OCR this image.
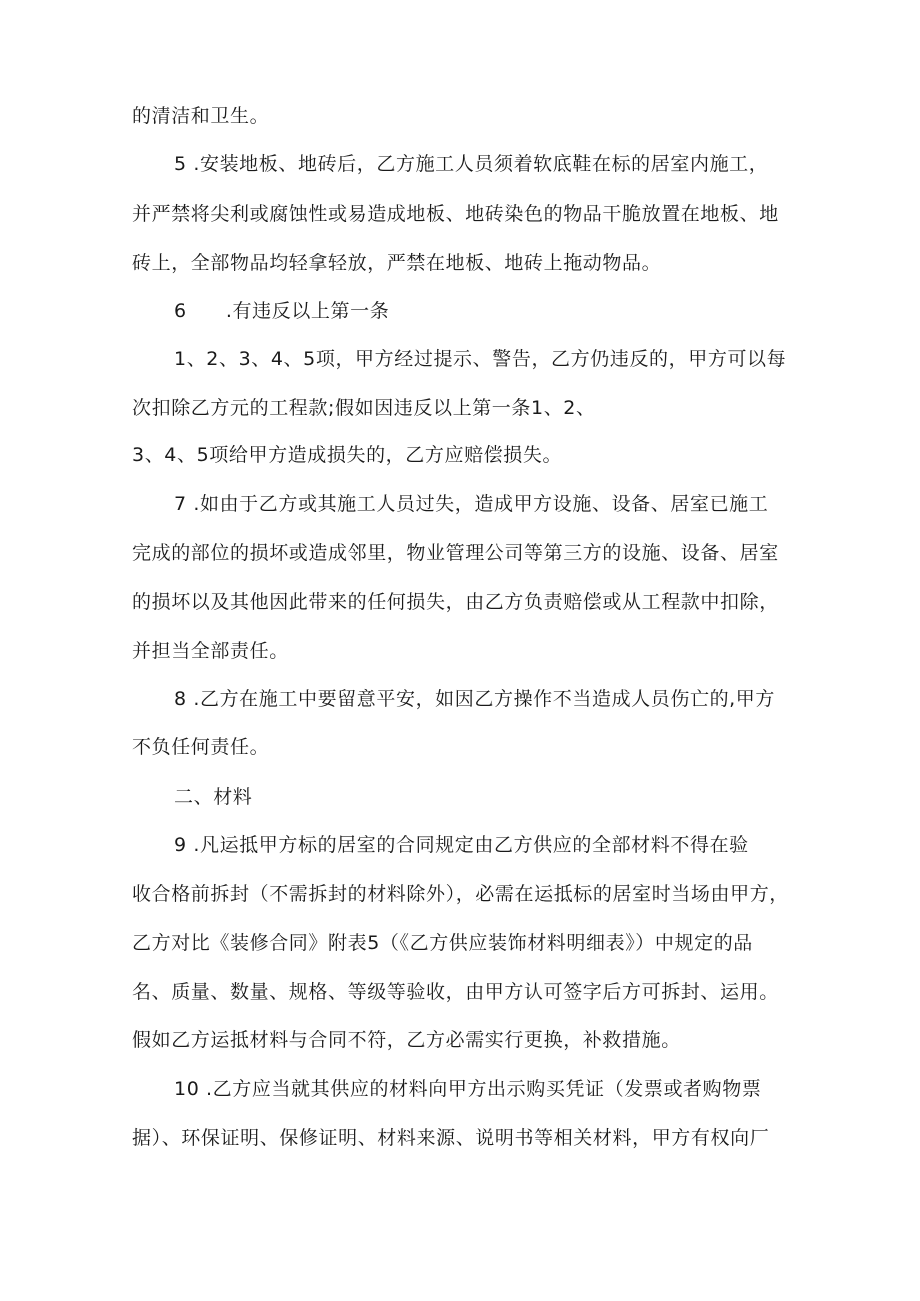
的清洁和卫生。
5 .安装地板、地砖后，乙方施工人员须着软底鞋在标的居室内施工，
并严禁将尖利或腐蚀性或易造成地板、地砖染色的物品干脆放置在地板、地
砖上，全部物品均轻拿轻放，严禁在地板、地砖上拖动物品。
6　　.有违反以上第一条
1、2、3、4、5项，甲方经过提示、警告，乙方仍违反的，甲方可以每
次扣除乙方元的工程款;假如因违反以上第一条1、2、
3、4、5项给甲方造成损失的，乙方应赔偿损失。
7 .如由于乙方或其施工人员过失，造成甲方设施、设备、居室已施工
完成的部位的损坏或造成邻里，物业管理公司等第三方的设施、设备、居室
的损坏以及其他因此带来的任何损失，由乙方负责赔偿或从工程款中扣除，
并担当全部责任。
8 .乙方在施工中要留意平安，如因乙方操作不当造成人员伤亡的,甲方
不负任何责任。
二、材料
9 .凡运抵甲方标的居室的合同规定由乙方供应的全部材料不得在验
收合格前拆封（不需拆封的材料除外），必需在运抵标的居室时当场由甲方，
乙方对比《装修合同》附表5（《乙方供应装饰材料明细表》）中规定的品
名、质量、数量、规格、等级等验收，由甲方认可签字后方可拆封、运用。
假如乙方运抵材料与合同不符，乙方必需实行更换，补救措施。
10 .乙方应当就其供应的材料向甲方出示购买凭证（发票或者购物票
据）、环保证明、保修证明、材料来源、说明书等相关材料，甲方有权向厂
